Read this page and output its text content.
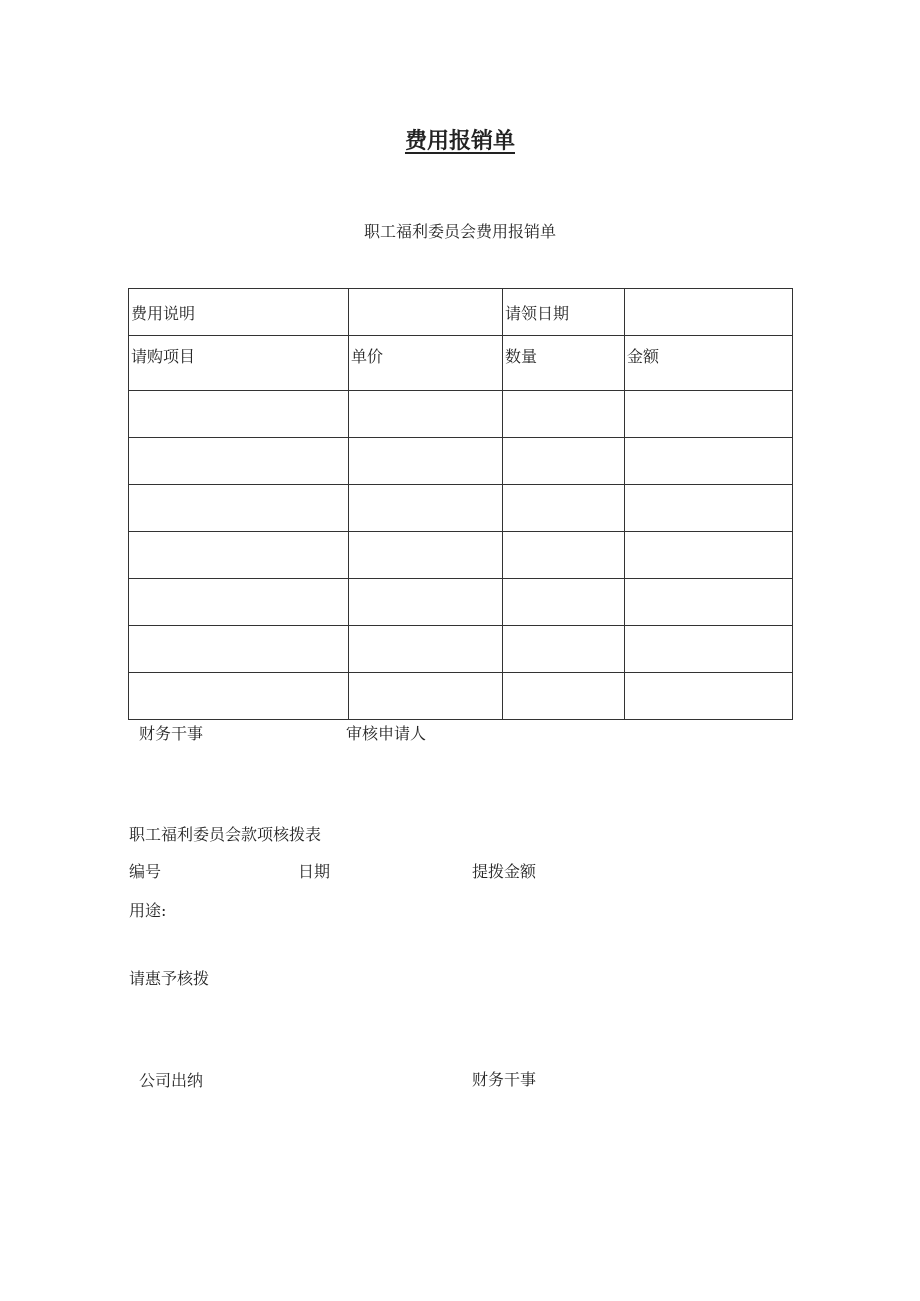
费用报销单
职工福利委员会费用报销单
费用说明		请领日期	
请购项目	单价	数量	金额

财务干事	审核申请人
职工福利委员会款项核拨表
编号	日期	提拨金额
用途:
请惠予核拨
公司出纳	财务干事
